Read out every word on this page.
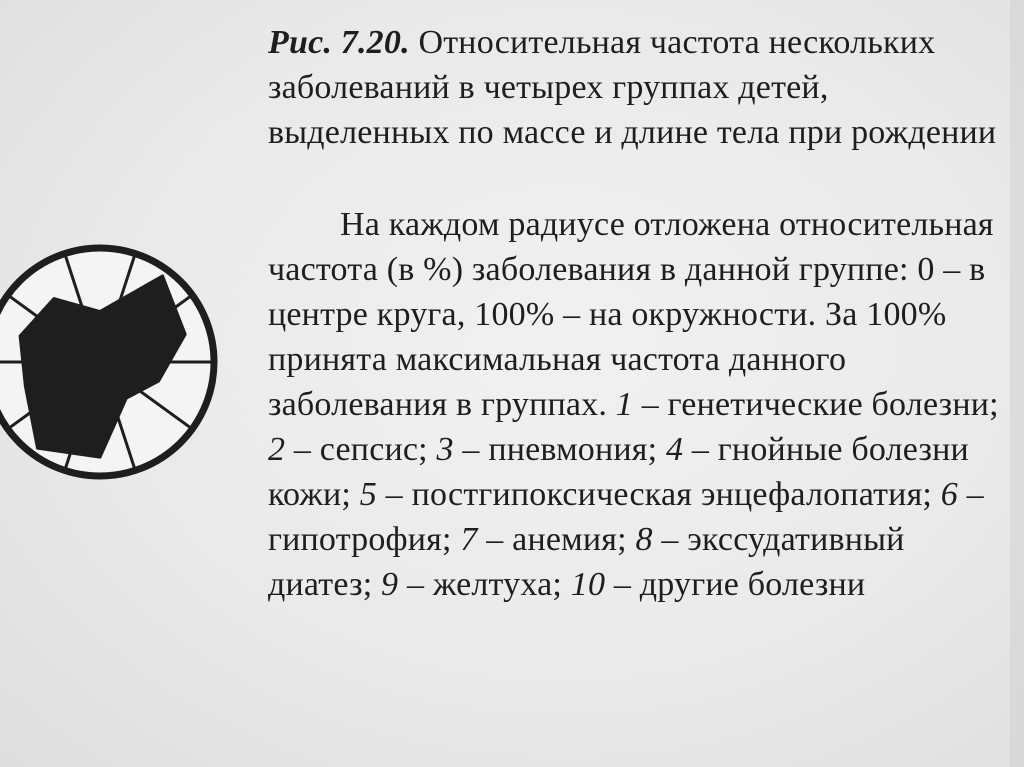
Рис. 7.20. Относительная частота нескольких заболеваний в четырех группах детей, выделенных по массе и длине тела при рождении
На каждом радиусе отложена относительная частота (в %) заболевания в данной группе: 0 – в центре круга, 100% – на окружности. За 100% принята максимальная частота данного заболевания в группах. 1 – генетические болезни; 2 – сепсис; 3 – пневмония; 4 – гнойные болезни кожи; 5 – постгипоксическая энцефалопатия; 6 – гипотрофия; 7 – анемия; 8 – экссудативный диатез; 9 – желтуха; 10 – другие болезни
